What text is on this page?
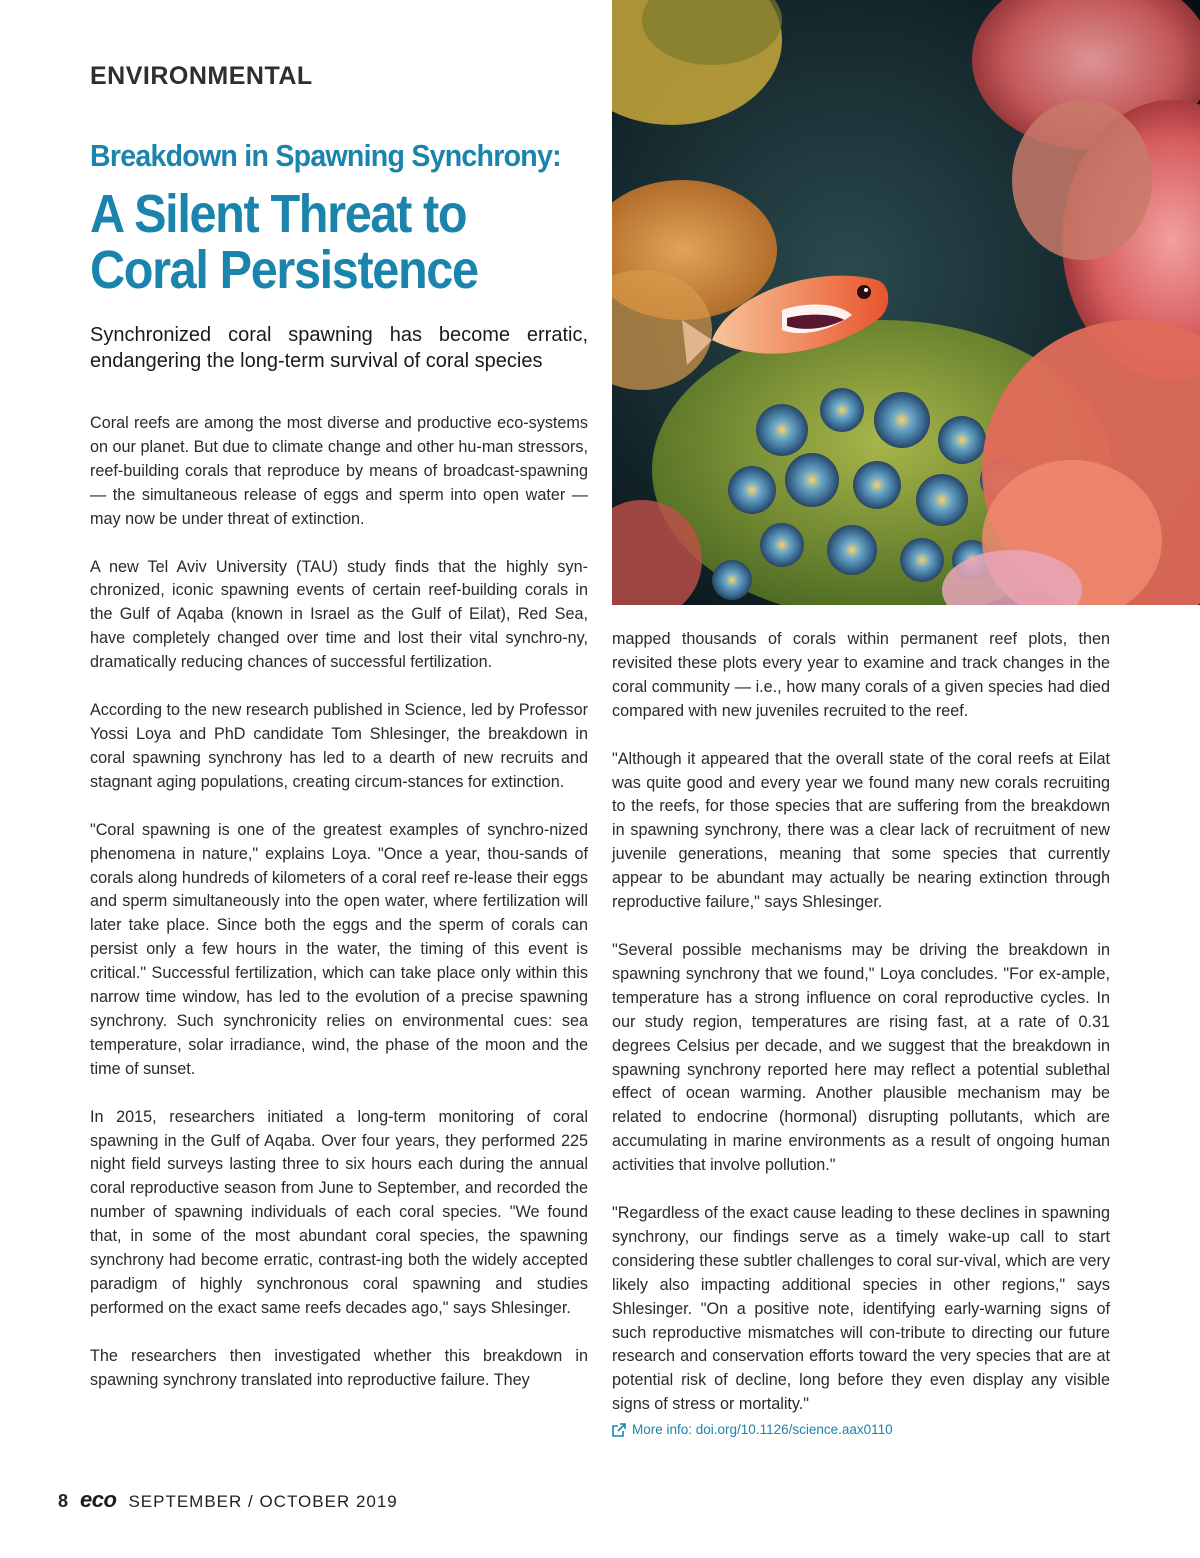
ENVIRONMENTAL
Breakdown in Spawning Synchrony:
A Silent Threat to
Coral Persistence
Synchronized coral spawning has become erratic, endangering the long-term survival of coral species

Coral reefs are among the most diverse and productive eco-systems on our planet. But due to climate change and other hu-man stressors, reef-building corals that reproduce by means of broadcast-spawning — the simultaneous release of eggs and sperm into open water — may now be under threat of extinction.

A new Tel Aviv University (TAU) study finds that the highly syn-chronized, iconic spawning events of certain reef-building corals in the Gulf of Aqaba (known in Israel as the Gulf of Eilat), Red Sea, have completely changed over time and lost their vital synchro-ny, dramatically reducing chances of successful fertilization.

According to the new research published in Science, led by Professor Yossi Loya and PhD candidate Tom Shlesinger, the breakdown in coral spawning synchrony has led to a dearth of new recruits and stagnant aging populations, creating circum-stances for extinction.

"Coral spawning is one of the greatest examples of synchro-nized phenomena in nature," explains Loya. "Once a year, thou-sands of corals along hundreds of kilometers of a coral reef re-lease their eggs and sperm simultaneously into the open water, where fertilization will later take place. Since both the eggs and the sperm of corals can persist only a few hours in the water, the timing of this event is critical." Successful fertilization, which can take place only within this narrow time window, has led to the evolution of a precise spawning synchrony. Such synchronicity relies on environmental cues: sea temperature, solar irradiance, wind, the phase of the moon and the time of sunset.

In 2015, researchers initiated a long-term monitoring of coral spawning in the Gulf of Aqaba. Over four years, they performed 225 night field surveys lasting three to six hours each during the annual coral reproductive season from June to September, and recorded the number of spawning individuals of each coral species. "We found that, in some of the most abundant coral species, the spawning synchrony had become erratic, contrast-ing both the widely accepted paradigm of highly synchronous coral spawning and studies performed on the exact same reefs decades ago," says Shlesinger.

The researchers then investigated whether this breakdown in spawning synchrony translated into reproductive failure. They

mapped thousands of corals within permanent reef plots, then revisited these plots every year to examine and track changes in the coral community — i.e., how many corals of a given species had died compared with new juveniles recruited to the reef.

"Although it appeared that the overall state of the coral reefs at Eilat was quite good and every year we found many new corals recruiting to the reefs, for those species that are suffering from the breakdown in spawning synchrony, there was a clear lack of recruitment of new juvenile generations, meaning that some species that currently appear to be abundant may actually be nearing extinction through reproductive failure," says Shlesinger.

"Several possible mechanisms may be driving the breakdown in spawning synchrony that we found," Loya concludes. "For ex-ample, temperature has a strong influence on coral reproductive cycles. In our study region, temperatures are rising fast, at a rate of 0.31 degrees Celsius per decade, and we suggest that the breakdown in spawning synchrony reported here may reflect a potential sublethal effect of ocean warming. Another plausible mechanism may be related to endocrine (hormonal) disrupting pollutants, which are accumulating in marine environments as a result of ongoing human activities that involve pollution."

"Regardless of the exact cause leading to these declines in spawning synchrony, our findings serve as a timely wake-up call to start considering these subtler challenges to coral sur-vival, which are very likely also impacting additional species in other regions," says Shlesinger. "On a positive note, identifying early-warning signs of such reproductive mismatches will con-tribute to directing our future research and conservation efforts toward the very species that are at potential risk of decline, long before they even display any visible signs of stress or mortality."

More info: doi.org/10.1126/science.aax0110
8 eco SEPTEMBER / OCTOBER 2019
